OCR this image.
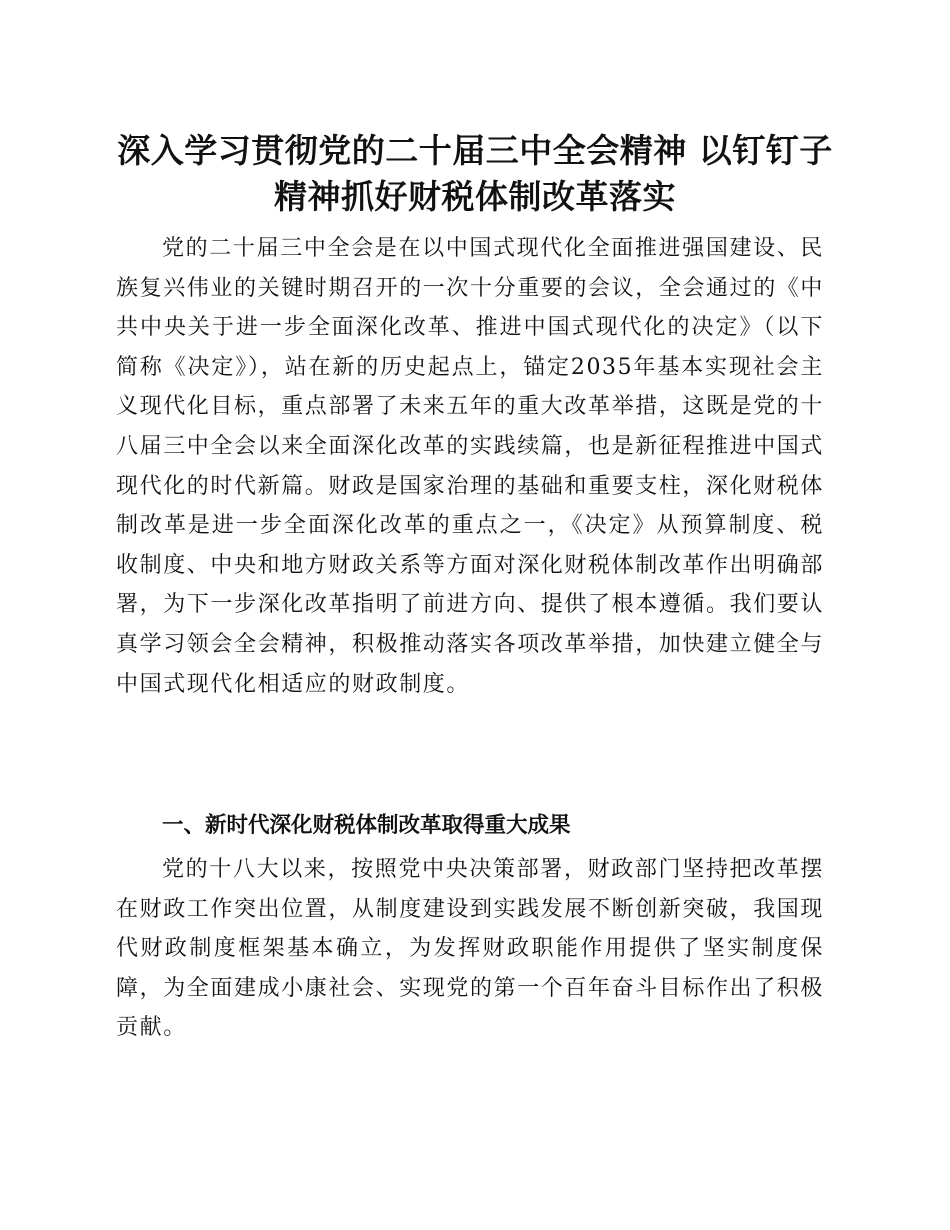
深入学习贯彻党的二十届三中全会精神 以钉钉子精神抓好财税体制改革落实

党的二十届三中全会是在以中国式现代化全面推进强国建设、民族复兴伟业的关键时期召开的一次十分重要的会议，全会通过的《中共中央关于进一步全面深化改革、推进中国式现代化的决定》（以下简称《决定》），站在新的历史起点上，锚定2035年基本实现社会主义现代化目标，重点部署了未来五年的重大改革举措，这既是党的十八届三中全会以来全面深化改革的实践续篇，也是新征程推进中国式现代化的时代新篇。财政是国家治理的基础和重要支柱，深化财税体制改革是进一步全面深化改革的重点之一，《决定》从预算制度、税收制度、中央和地方财政关系等方面对深化财税体制改革作出明确部署，为下一步深化改革指明了前进方向、提供了根本遵循。我们要认真学习领会全会精神，积极推动落实各项改革举措，加快建立健全与中国式现代化相适应的财政制度。

一、新时代深化财税体制改革取得重大成果

党的十八大以来，按照党中央决策部署，财政部门坚持把改革摆在财政工作突出位置，从制度建设到实践发展不断创新突破，我国现代财政制度框架基本确立，为发挥财政职能作用提供了坚实制度保障，为全面建成小康社会、实现党的第一个百年奋斗目标作出了积极贡献。
